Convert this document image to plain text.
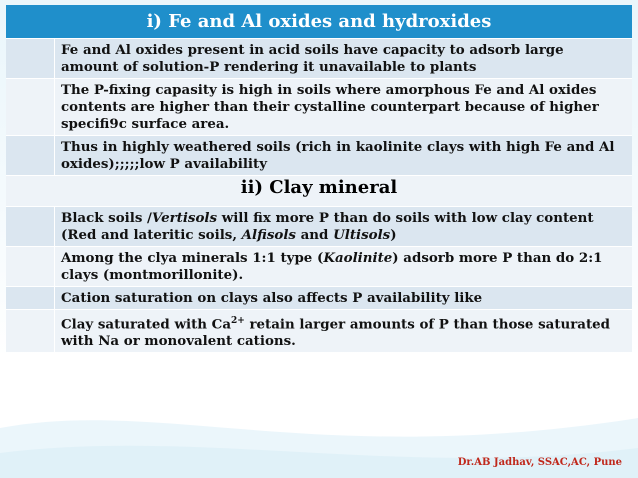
i) Fe and Al oxides and hydroxides	
	Fe and Al oxides present in acid soils have capacity to adsorb large amount of solution-P rendering it unavailable to plants
	The P-fixing capasity is high in soils where amorphous Fe and Al oxides contents are higher than their cystalline counterpart because of higher specifi9c surface area.
	Thus in highly weathered soils (rich in kaolinite clays with high Fe and Al oxides);;;;;low P availability
ii) Clay mineral	
	Black soils /Vertisols will fix more P than do soils with low clay content (Red and lateritic soils, Alfisols and Ultisols)
	Among the clya minerals 1:1 type (Kaolinite) adsorb more P than do 2:1 clays (montmorillonite).
	Cation saturation on clays also affects P availability like
	Clay saturated with $Ca^{2+}$ retain larger amounts of P than those saturated with Na or monovalent cations.
Dr.AB Jadhav, SSAC,AC, Pune
